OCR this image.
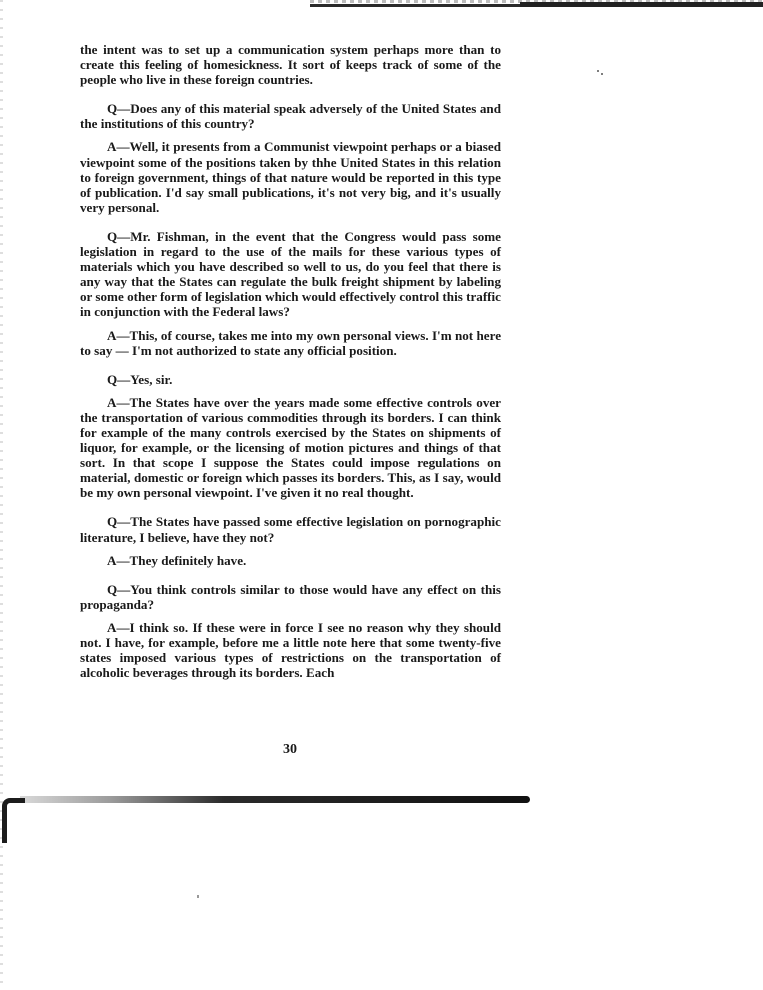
the intent was to set up a communication system perhaps more than to create this feeling of homesickness. It sort of keeps track of some of the people who live in these foreign countries.

Q—Does any of this material speak adversely of the United States and the institutions of this country?

A—Well, it presents from a Communist viewpoint perhaps or a biased viewpoint some of the positions taken by thhe United States in this relation to foreign government, things of that nature would be reported in this type of publication. I'd say small publications, it's not very big, and it's usually very personal.

Q—Mr. Fishman, in the event that the Congress would pass some legislation in regard to the use of the mails for these various types of materials which you have described so well to us, do you feel that there is any way that the States can regulate the bulk freight shipment by labeling or some other form of legislation which would effectively control this traffic in conjunction with the Federal laws?

A—This, of course, takes me into my own personal views. I'm not here to say — I'm not authorized to state any official position.

Q—Yes, sir.

A—The States have over the years made some effective controls over the transportation of various commodities through its borders. I can think for example of the many controls exercised by the States on shipments of liquor, for example, or the licensing of motion pictures and things of that sort. In that scope I suppose the States could impose regulations on material, domestic or foreign which passes its borders. This, as I say, would be my own personal viewpoint. I've given it no real thought.

Q—The States have passed some effective legislation on pornographic literature, I believe, have they not?

A—They definitely have.

Q—You think controls similar to those would have any effect on this propaganda?

A—I think so. If these were in force I see no reason why they should not. I have, for example, before me a little note here that some twenty-five states imposed various types of restrictions on the transportation of alcoholic beverages through its borders. Each

30
